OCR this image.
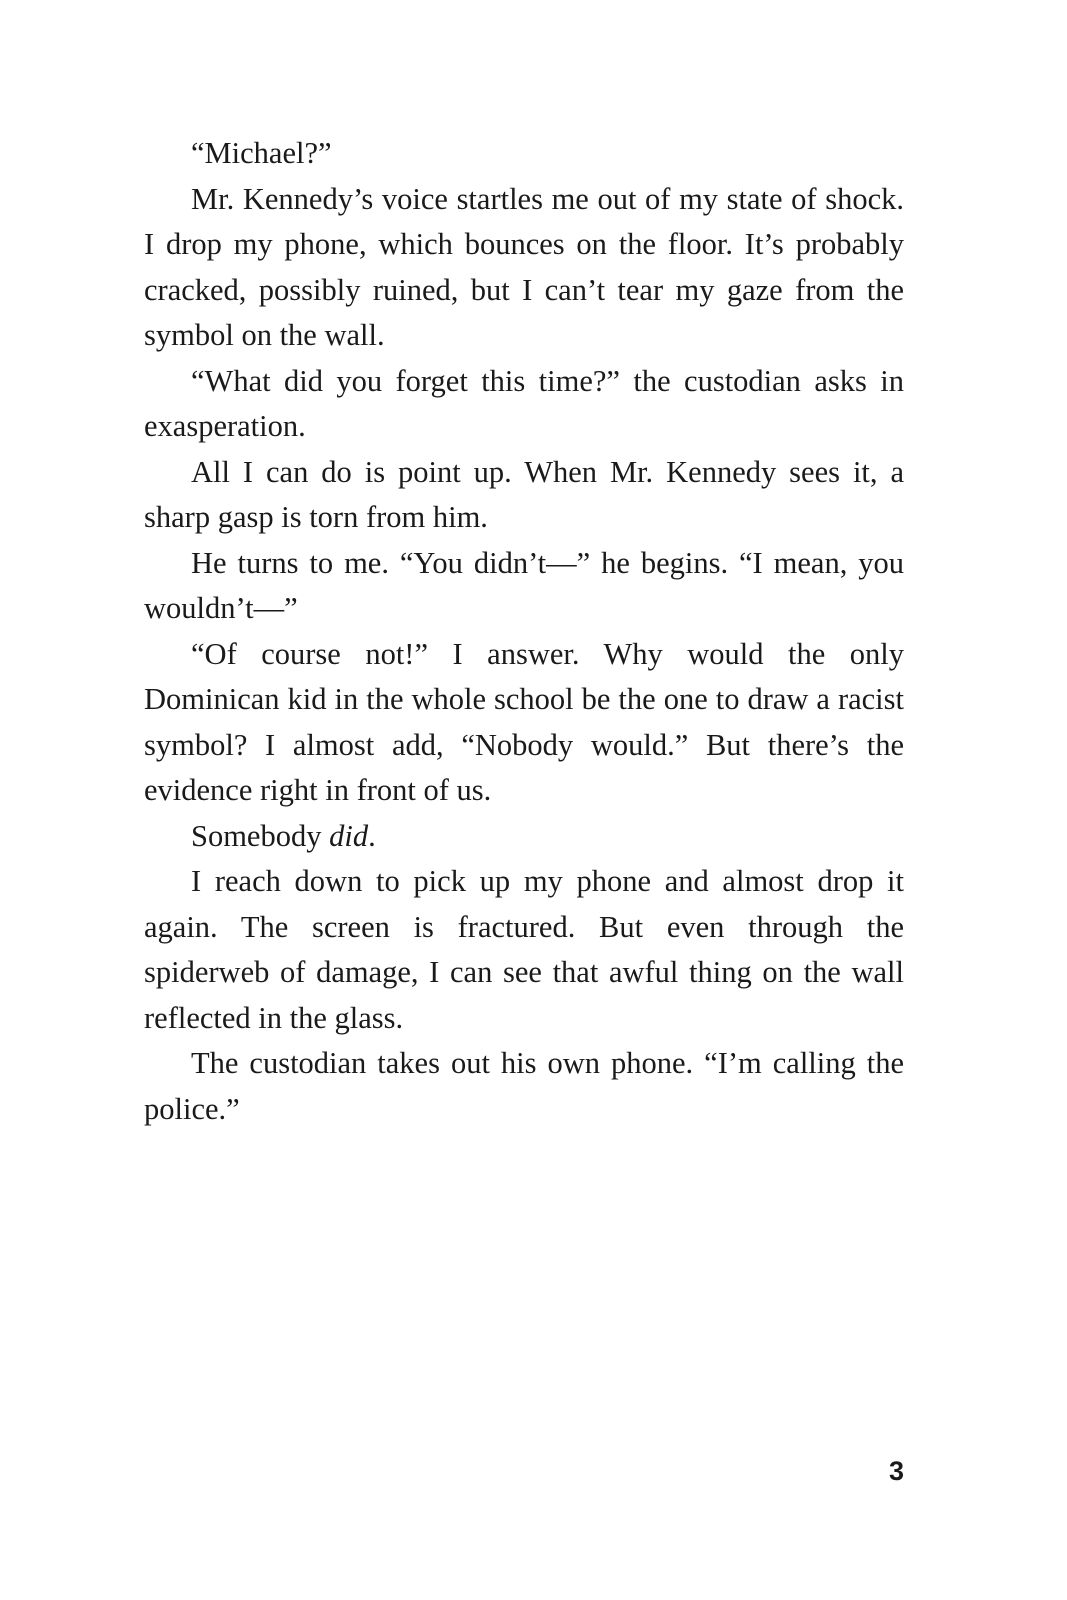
“Michael?”

Mr. Kennedy’s voice startles me out of my state of shock. I drop my phone, which bounces on the floor. It’s probably cracked, possibly ruined, but I can’t tear my gaze from the symbol on the wall.

“What did you forget this time?” the custodian asks in exasperation.

All I can do is point up. When Mr. Kennedy sees it, a sharp gasp is torn from him.

He turns to me. “You didn’t—” he begins. “I mean, you wouldn’t—”

“Of course not!” I answer. Why would the only Dominican kid in the whole school be the one to draw a racist symbol? I almost add, “Nobody would.” But there’s the evidence right in front of us.

Somebody did.

I reach down to pick up my phone and almost drop it again. The screen is fractured. But even through the spiderweb of damage, I can see that awful thing on the wall reflected in the glass.

The custodian takes out his own phone. “I’m calling the police.”

3
